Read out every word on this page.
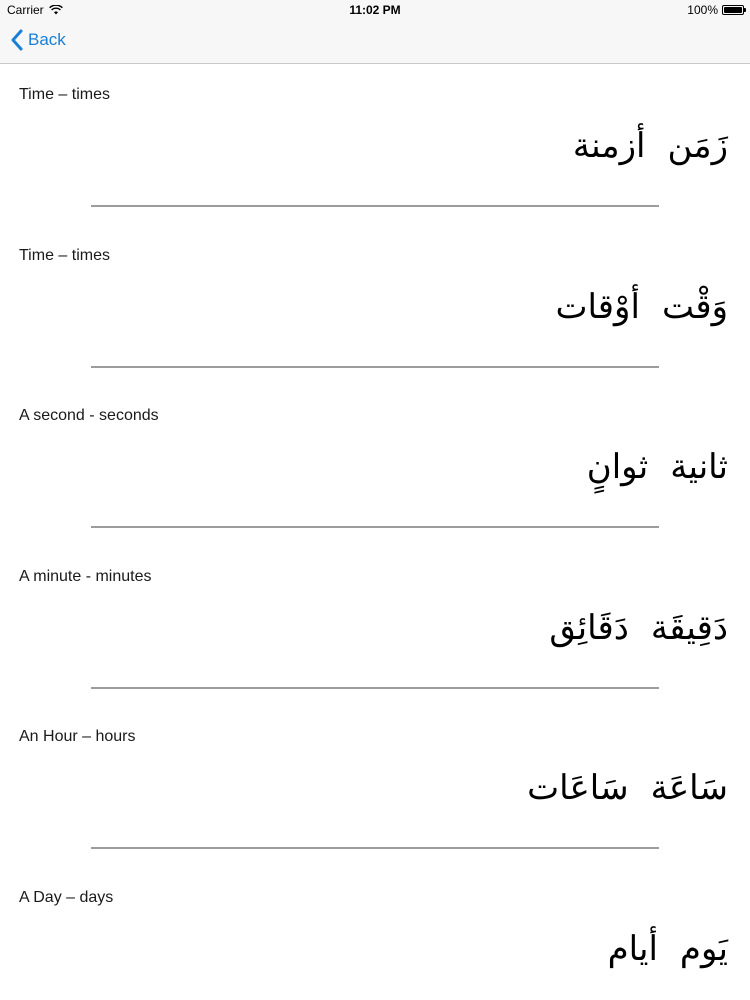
Carrier	11:02 PM	100%
Back
Time – times
زَمَن
أزمنة
Time – times
وَقْت
أوْقات
A second - seconds
ثانية
ثوانٍ
A minute - minutes
دَقِيقَة
دَقَائِق
An Hour – hours
سَاعَة
سَاعَات
A Day – days
يَوم
أيام
